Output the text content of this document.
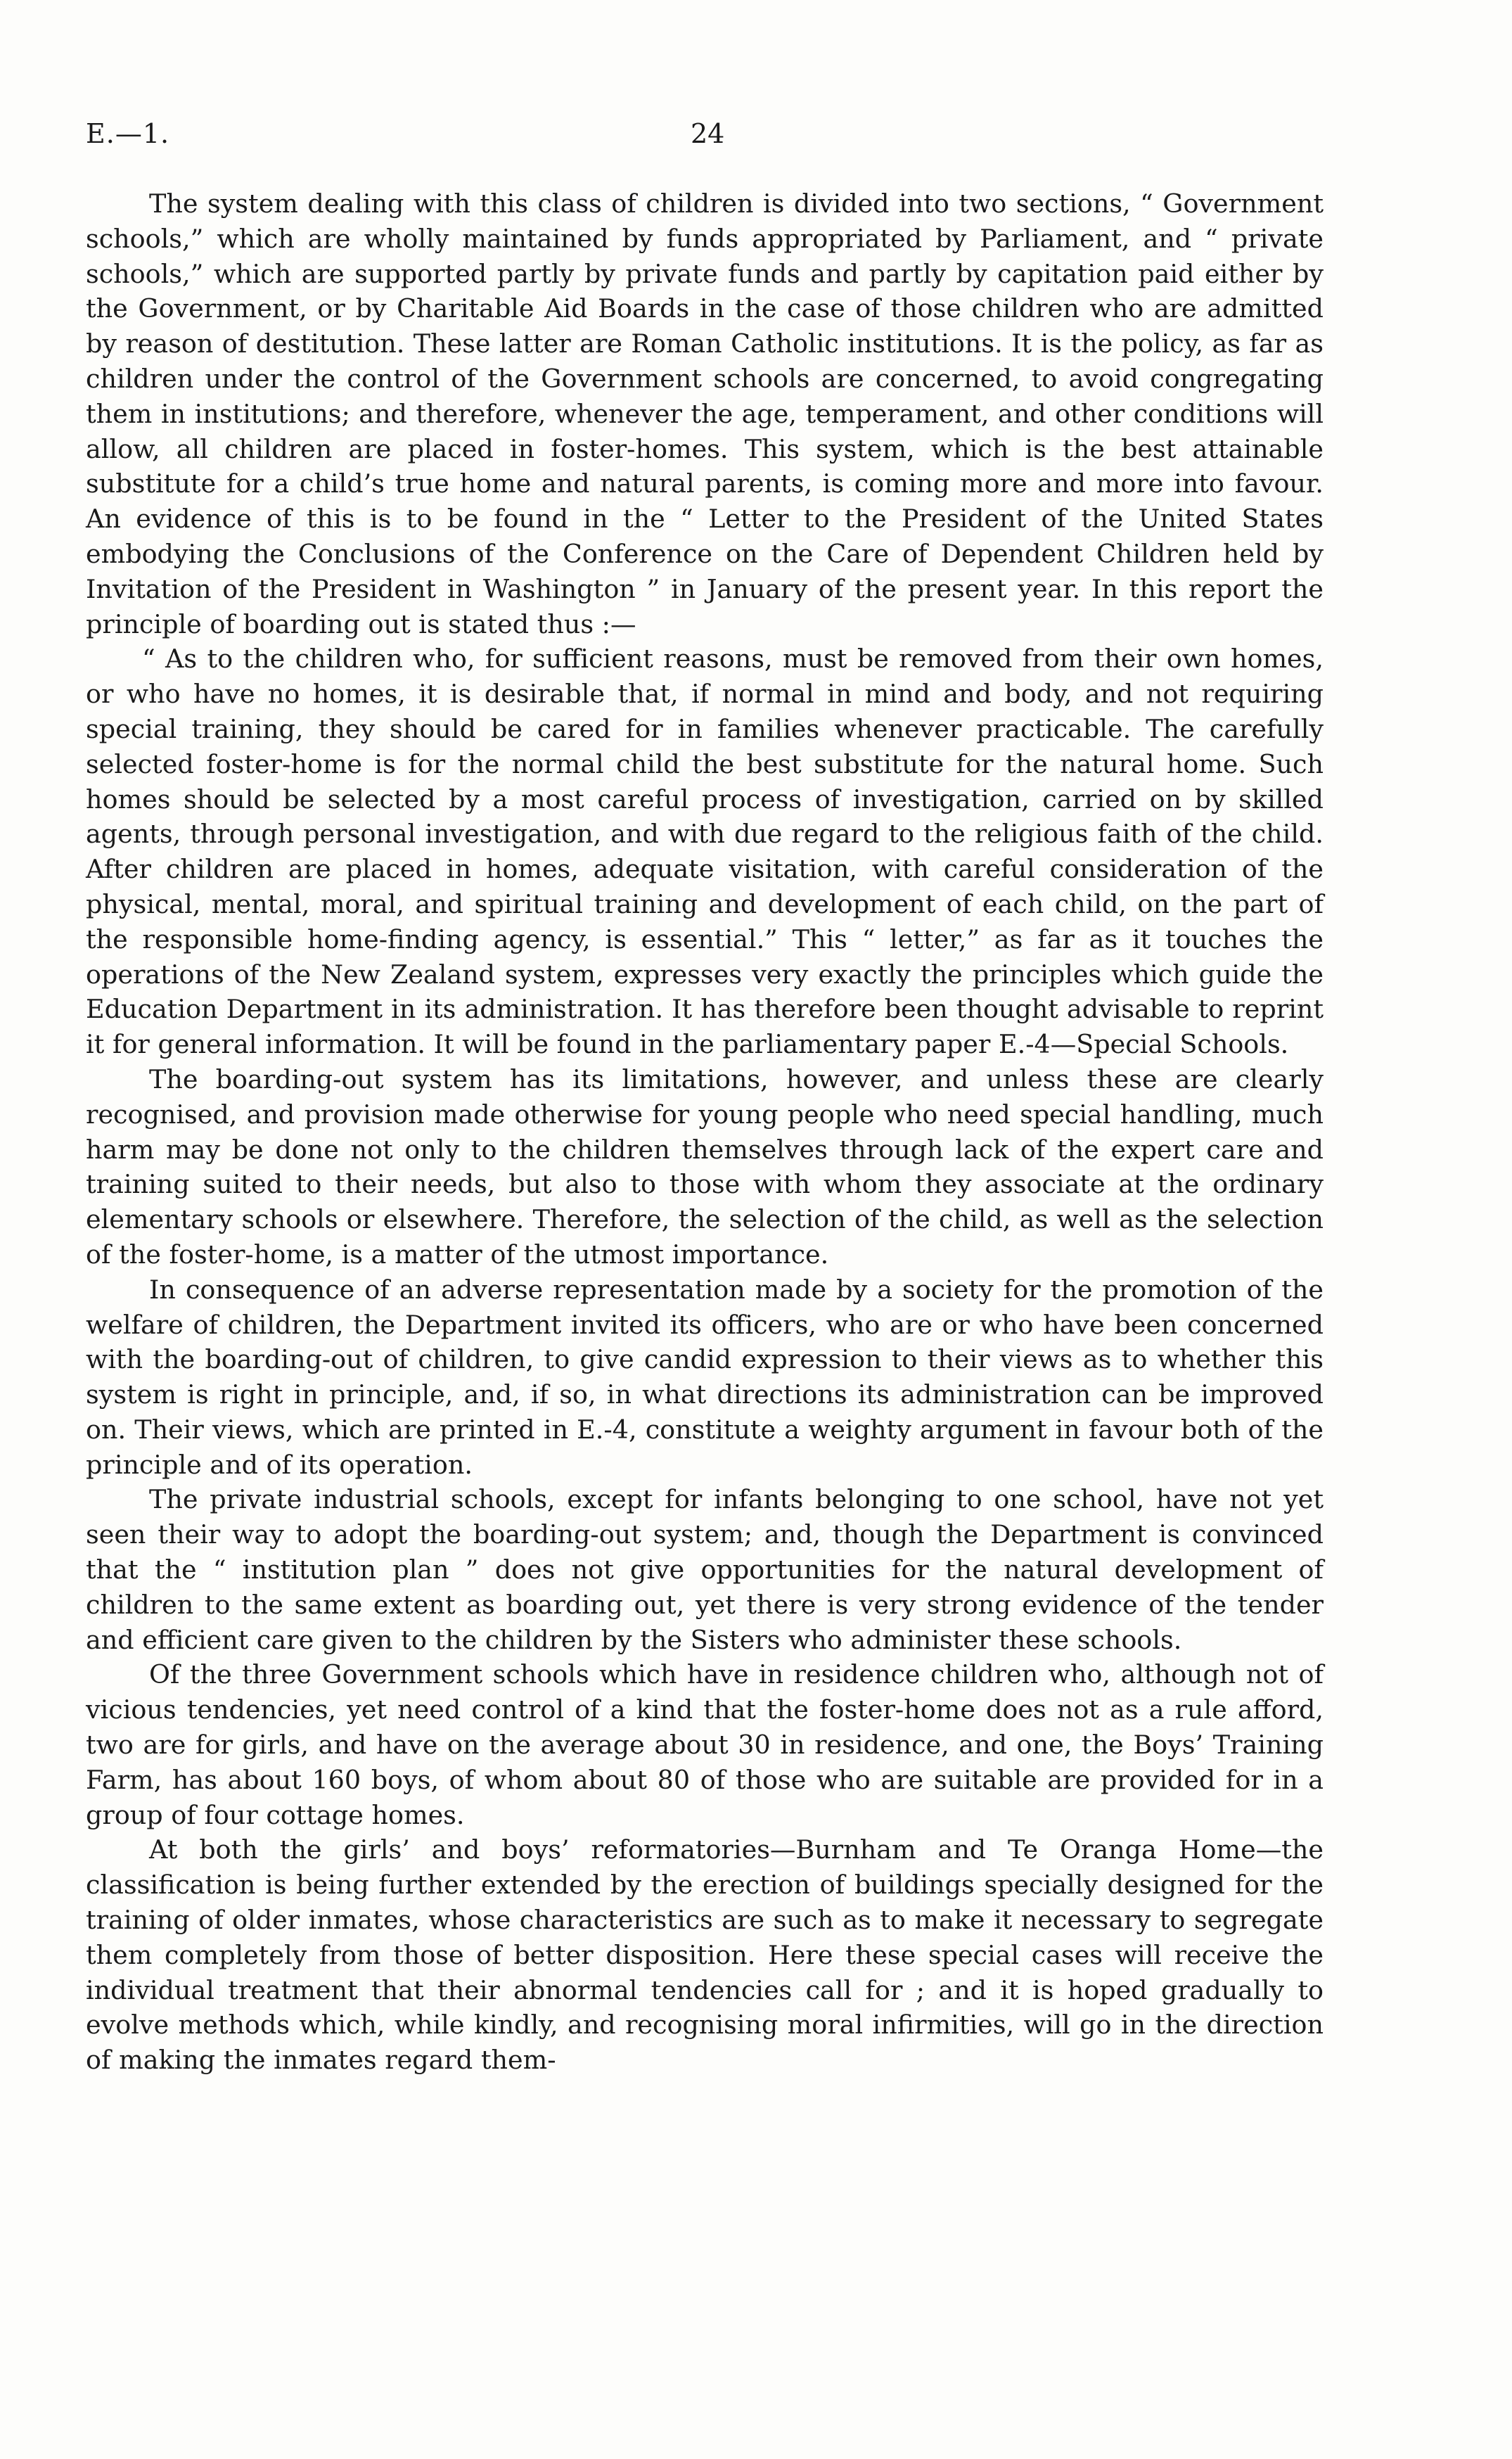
E.—1.	24

The system dealing with this class of children is divided into two sections, “ Government schools,” which are wholly maintained by funds appropriated by Parliament, and “ private schools,” which are supported partly by private funds and partly by capitation paid either by the Government, or by Charitable Aid Boards in the case of those children who are admitted by reason of destitution. These latter are Roman Catholic institutions. It is the policy, as far as children under the control of the Government schools are concerned, to avoid congregating them in institutions; and therefore, whenever the age, temperament, and other conditions will allow, all children are placed in foster-homes. This system, which is the best attainable substitute for a child’s true home and natural parents, is coming more and more into favour. An evidence of this is to be found in the “ Letter to the President of the United States embodying the Conclusions of the Conference on the Care of Dependent Children held by Invitation of the President in Washington ” in January of the present year. In this report the principle of boarding out is stated thus :—

“ As to the children who, for sufficient reasons, must be removed from their own homes, or who have no homes, it is desirable that, if normal in mind and body, and not requiring special training, they should be cared for in families whenever practicable. The carefully selected foster-home is for the normal child the best substitute for the natural home. Such homes should be selected by a most careful process of investigation, carried on by skilled agents, through personal investigation, and with due regard to the religious faith of the child. After children are placed in homes, adequate visitation, with careful consideration of the physical, mental, moral, and spiritual training and development of each child, on the part of the responsible home-finding agency, is essential.” This “ letter,” as far as it touches the operations of the New Zealand system, expresses very exactly the principles which guide the Education Department in its administration. It has therefore been thought advisable to reprint it for general information. It will be found in the parliamentary paper E.-4—Special Schools.

The boarding-out system has its limitations, however, and unless these are clearly recognised, and provision made otherwise for young people who need special handling, much harm may be done not only to the children themselves through lack of the expert care and training suited to their needs, but also to those with whom they associate at the ordinary elementary schools or elsewhere. Therefore, the selection of the child, as well as the selection of the foster-home, is a matter of the utmost importance.

In consequence of an adverse representation made by a society for the promotion of the welfare of children, the Department invited its officers, who are or who have been concerned with the boarding-out of children, to give candid expression to their views as to whether this system is right in principle, and, if so, in what directions its administration can be improved on. Their views, which are printed in E.-4, constitute a weighty argument in favour both of the principle and of its operation.

The private industrial schools, except for infants belonging to one school, have not yet seen their way to adopt the boarding-out system; and, though the Department is convinced that the “ institution plan ” does not give opportunities for the natural development of children to the same extent as boarding out, yet there is very strong evidence of the tender and efficient care given to the children by the Sisters who administer these schools.

Of the three Government schools which have in residence children who, although not of vicious tendencies, yet need control of a kind that the foster-home does not as a rule afford, two are for girls, and have on the average about 30 in residence, and one, the Boys’ Training Farm, has about 160 boys, of whom about 80 of those who are suitable are provided for in a group of four cottage homes.

At both the girls’ and boys’ reformatories—Burnham and Te Oranga Home—the classification is being further extended by the erection of buildings specially designed for the training of older inmates, whose characteristics are such as to make it necessary to segregate them completely from those of better disposition. Here these special cases will receive the individual treatment that their abnormal tendencies call for ; and it is hoped gradually to evolve methods which, while kindly, and recognising moral infirmities, will go in the direction of making the inmates regard them-
